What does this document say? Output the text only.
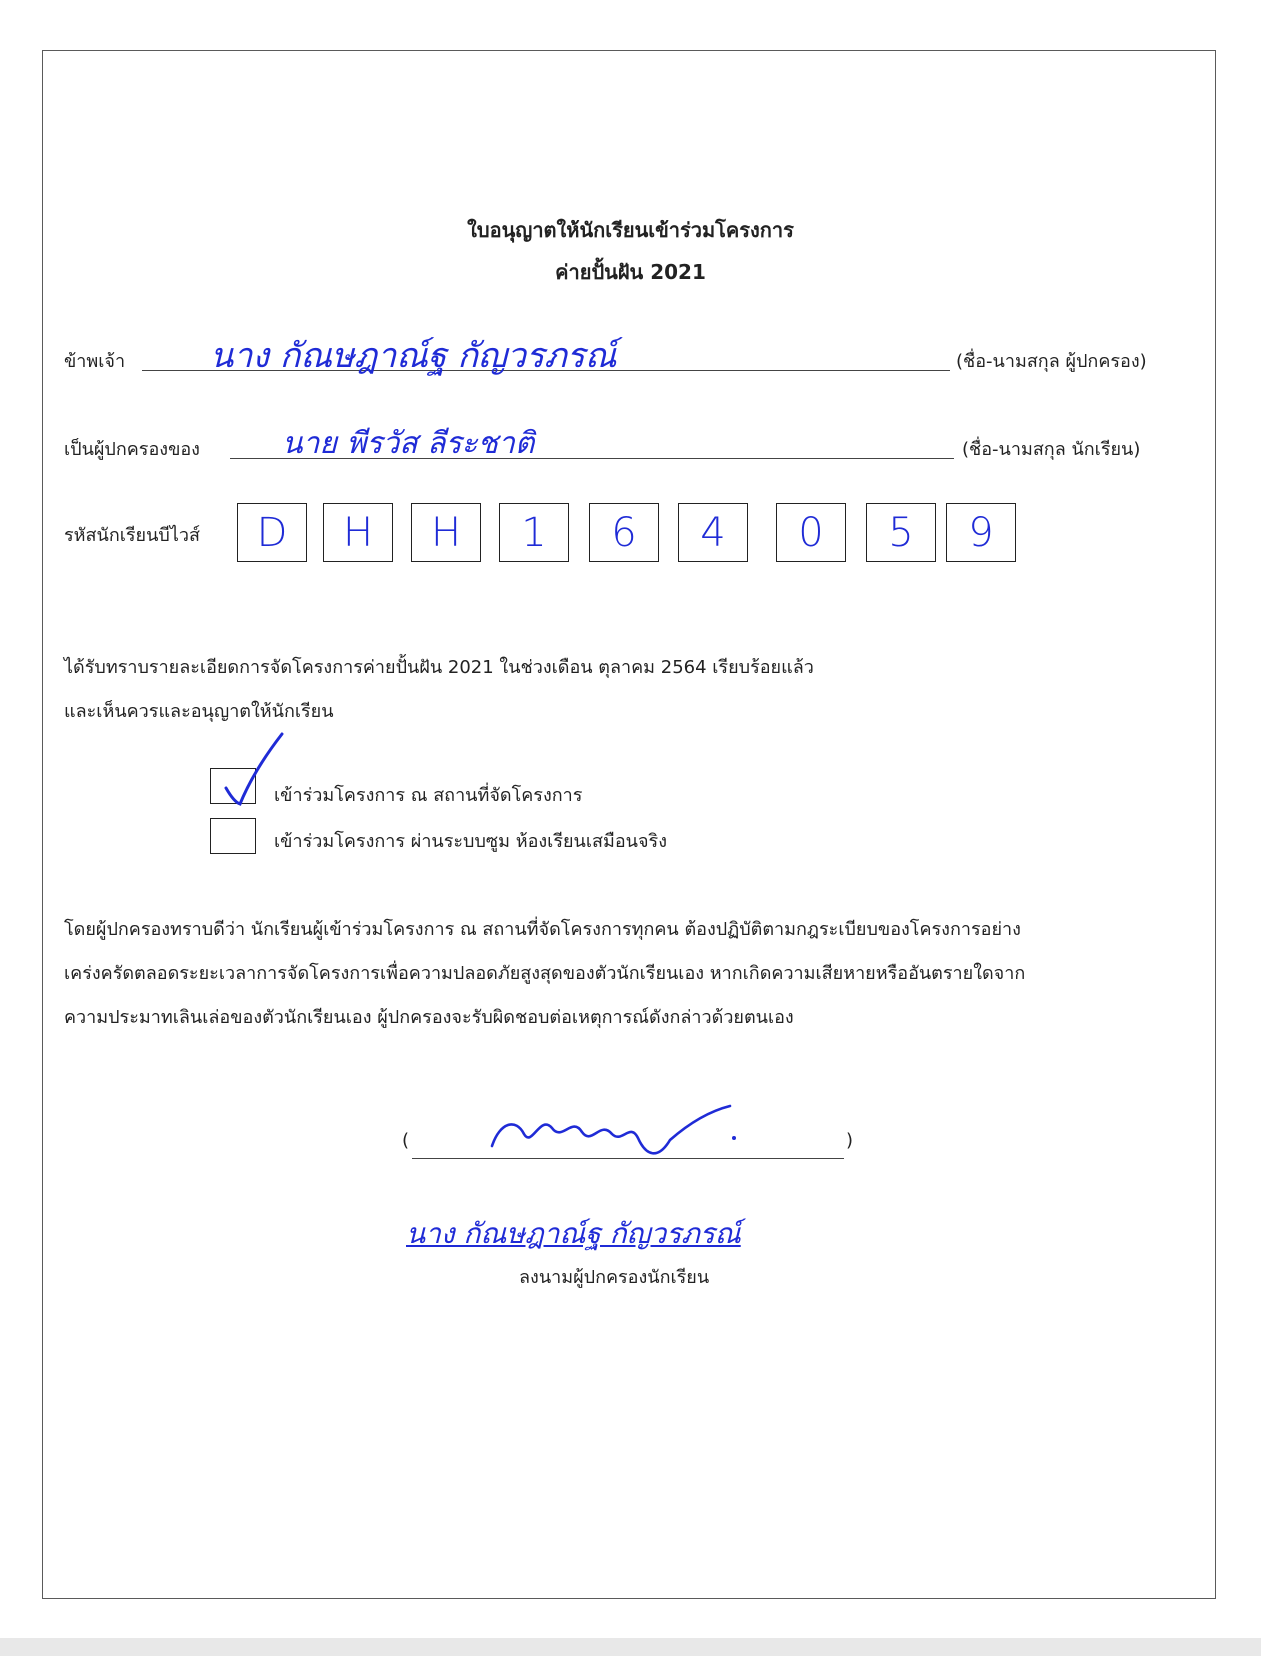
ใบอนุญาตให้นักเรียนเข้าร่วมโครงการ
ค่ายปั้นฝัน 2021
ข้าพเจ้า นาง กัณษฎาณ์ฐ กัญวรภรณ์	(ชื่อ-นามสกุล ผู้ปกครอง)
เป็นผู้ปกครองของ	นาย พีรวัส ลีระชาติ	(ชื่อ-นามสกุล นักเรียน)
รหัสนักเรียนบีไวส์	D	H	H	1	6	4	0	5	9
ได้รับทราบรายละเอียดการจัดโครงการค่ายปั้นฝัน 2021 ในช่วงเดือน ตุลาคม 2564 เรียบร้อยแล้ว
และเห็นควรและอนุญาตให้นักเรียน
เข้าร่วมโครงการ ณ สถานที่จัดโครงการ
เข้าร่วมโครงการ ผ่านระบบซูม ห้องเรียนเสมือนจริง
โดยผู้ปกครองทราบดีว่า นักเรียนผู้เข้าร่วมโครงการ ณ สถานที่จัดโครงการทุกคน ต้องปฏิบัติตามกฎระเบียบของโครงการอย่าง
เคร่งครัดตลอดระยะเวลาการจัดโครงการเพื่อความปลอดภัยสูงสุดของตัวนักเรียนเอง หากเกิดความเสียหายหรืออันตรายใดจาก
ความประมาทเลินเล่อของตัวนักเรียนเอง ผู้ปกครองจะรับผิดชอบต่อเหตุการณ์ดังกล่าวด้วยตนเอง
(	)
นาง กัณษฎาณ์ฐ กัญวรภรณ์
ลงนามผู้ปกครองนักเรียน
